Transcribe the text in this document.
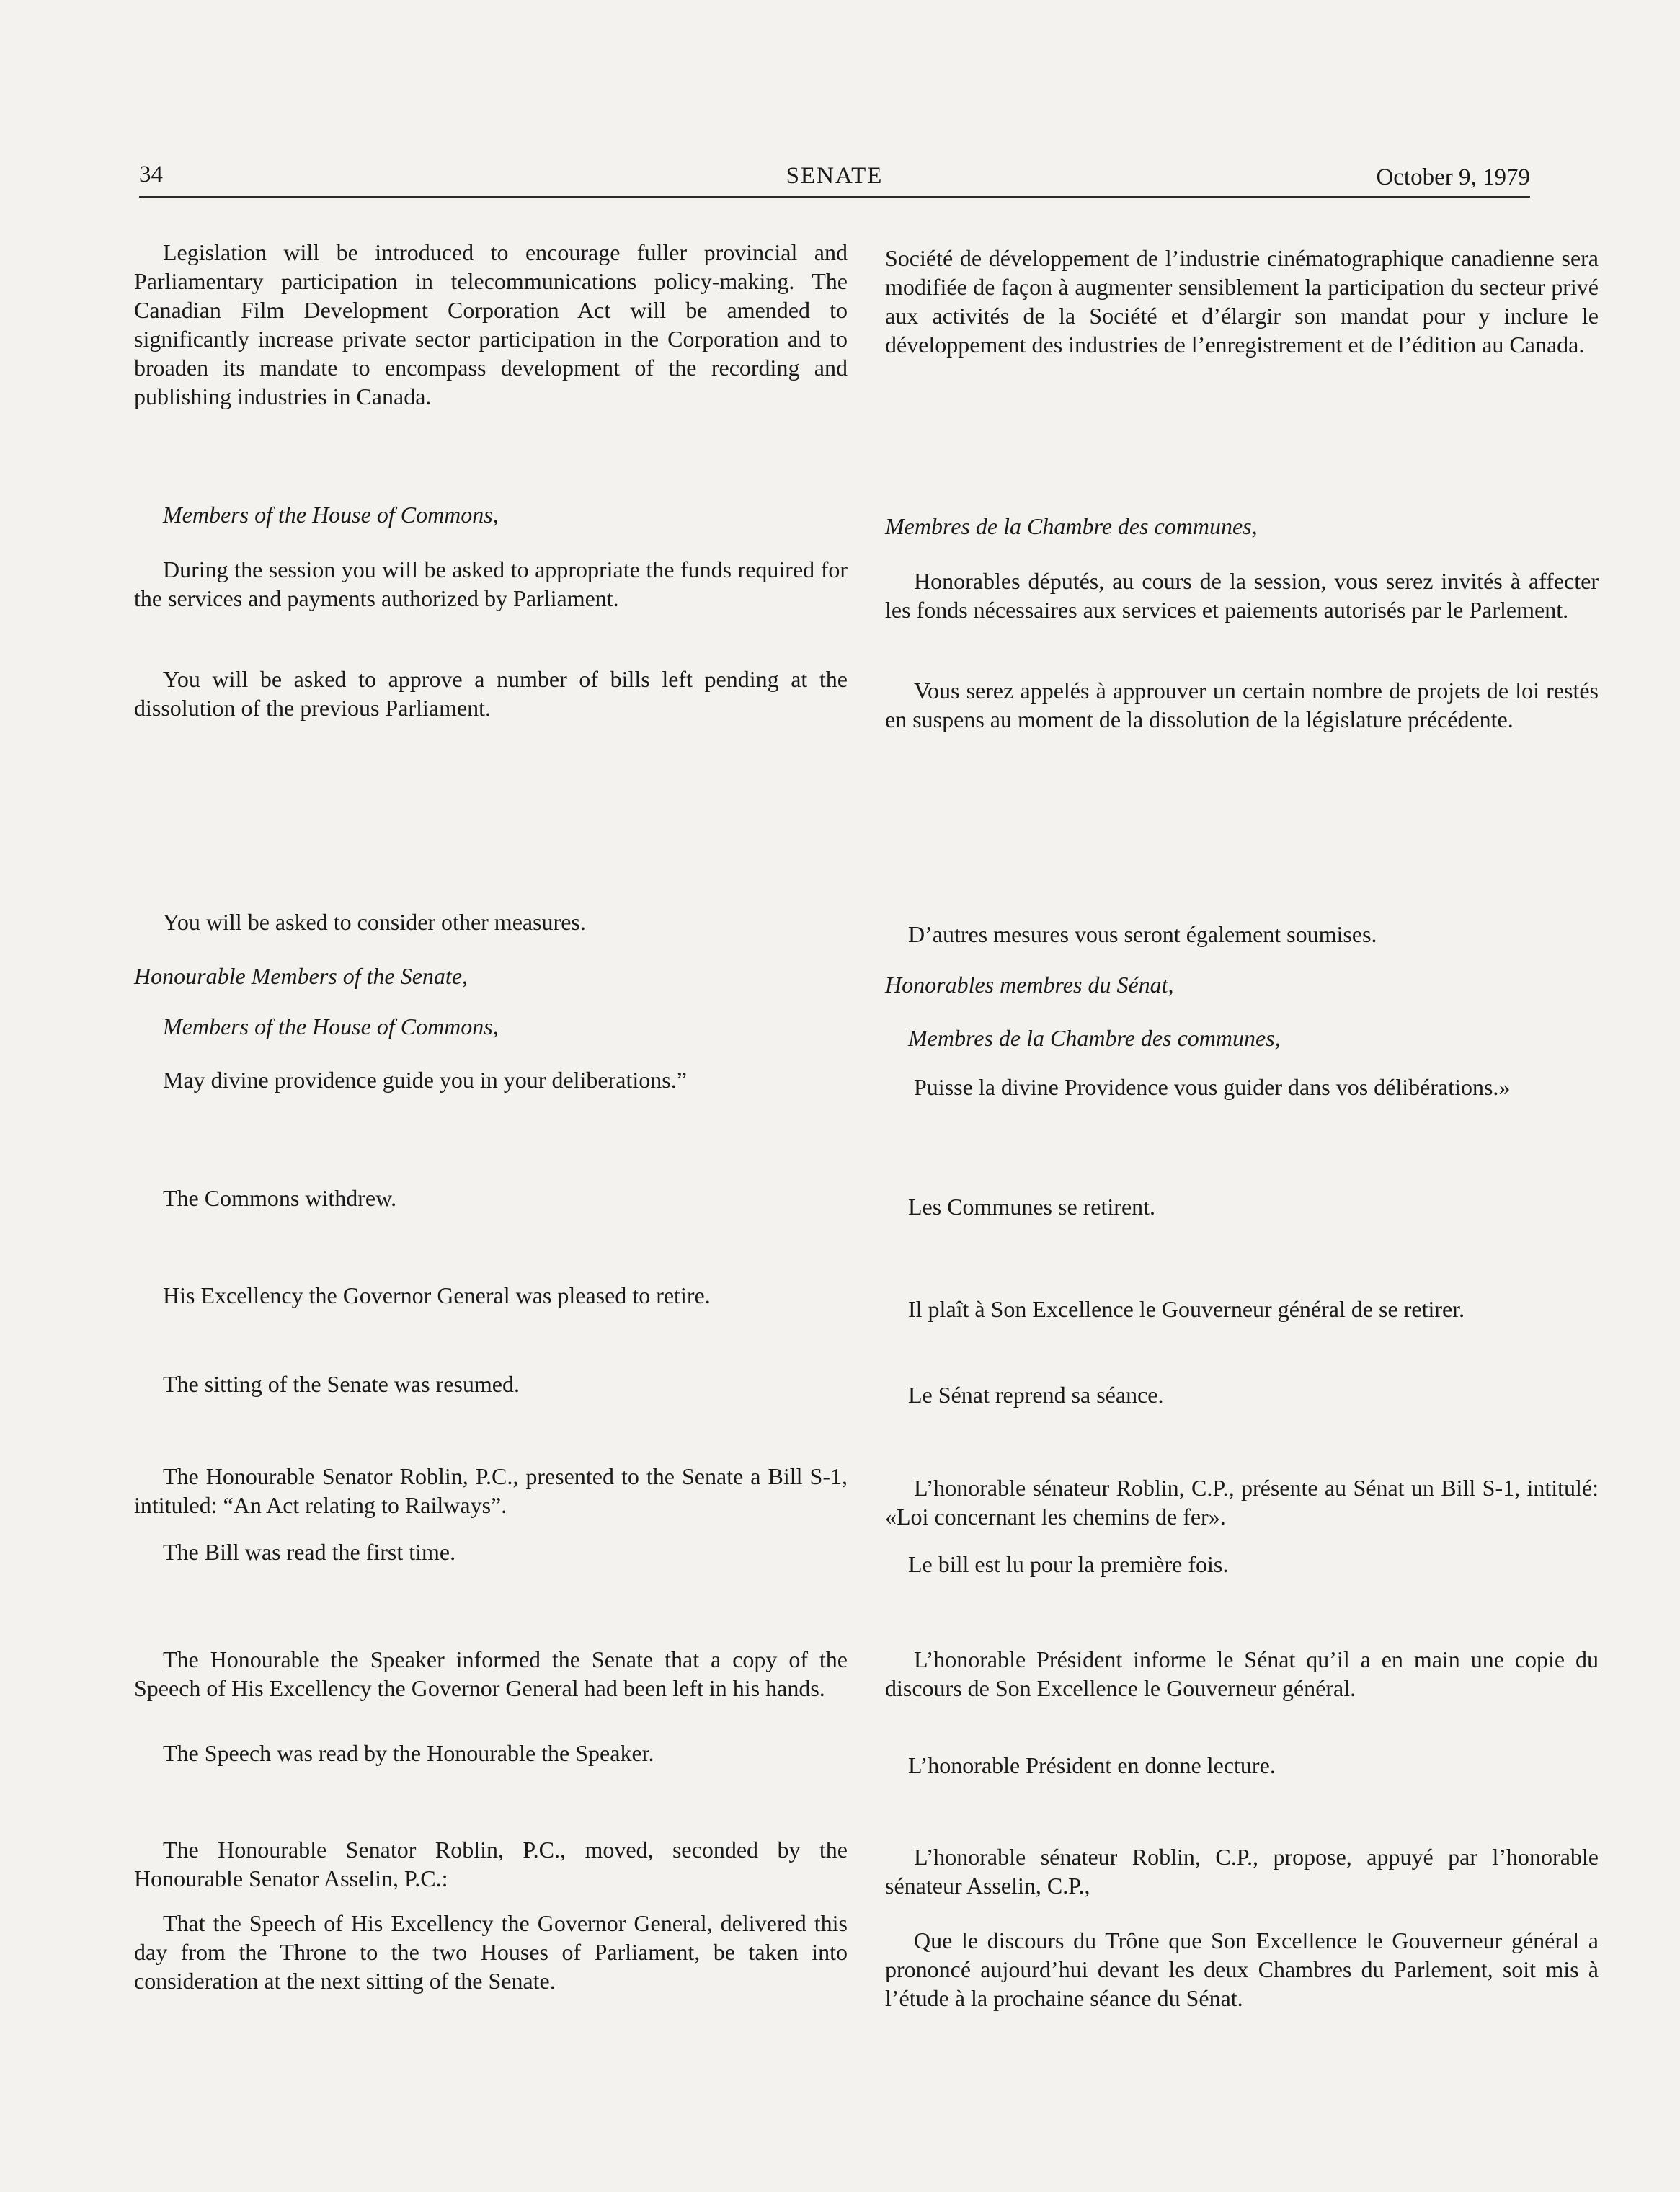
34	SENATE	October 9, 1979

Legislation will be introduced to encourage fuller provincial and Parliamentary participation in telecommunications policy-making. The Canadian Film Development Corporation Act will be amended to significantly increase private sector participation in the Corporation and to broaden its mandate to encompass development of the recording and publishing industries in Canada.

Members of the House of Commons,

During the session you will be asked to appropriate the funds required for the services and payments authorized by Parliament.

You will be asked to approve a number of bills left pending at the dissolution of the previous Parliament.

You will be asked to consider other measures.

Honourable Members of the Senate,

Members of the House of Commons,

May divine providence guide you in your deliberations.”

The Commons withdrew.

His Excellency the Governor General was pleased to retire.

The sitting of the Senate was resumed.

The Honourable Senator Roblin, P.C., presented to the Senate a Bill S-1, intituled: “An Act relating to Railways”.

The Bill was read the first time.

The Honourable the Speaker informed the Senate that a copy of the Speech of His Excellency the Governor General had been left in his hands.

The Speech was read by the Honourable the Speaker.

The Honourable Senator Roblin, P.C., moved, seconded by the Honourable Senator Asselin, P.C.:

That the Speech of His Excellency the Governor General, delivered this day from the Throne to the two Houses of Parliament, be taken into consideration at the next sitting of the Senate.

Société de développement de l’industrie cinématographique canadienne sera modifiée de façon à augmenter sensiblement la participation du secteur privé aux activités de la Société et d’élargir son mandat pour y inclure le développement des industries de l’enregistrement et de l’édition au Canada.

Membres de la Chambre des communes,

Honorables députés, au cours de la session, vous serez invités à affecter les fonds nécessaires aux services et paiements autorisés par le Parlement.

Vous serez appelés à approuver un certain nombre de projets de loi restés en suspens au moment de la dissolution de la législature précédente.

D’autres mesures vous seront également soumises.

Honorables membres du Sénat,

Membres de la Chambre des communes,

Puisse la divine Providence vous guider dans vos délibérations.»

Les Communes se retirent.

Il plaît à Son Excellence le Gouverneur général de se retirer.

Le Sénat reprend sa séance.

L’honorable sénateur Roblin, C.P., présente au Sénat un Bill S-1, intitulé: «Loi concernant les chemins de fer».

Le bill est lu pour la première fois.

L’honorable Président informe le Sénat qu’il a en main une copie du discours de Son Excellence le Gouverneur général.

L’honorable Président en donne lecture.

L’honorable sénateur Roblin, C.P., propose, appuyé par l’honorable sénateur Asselin, C.P.,

Que le discours du Trône que Son Excellence le Gouverneur général a prononcé aujourd’hui devant les deux Chambres du Parlement, soit mis à l’étude à la prochaine séance du Sénat.
